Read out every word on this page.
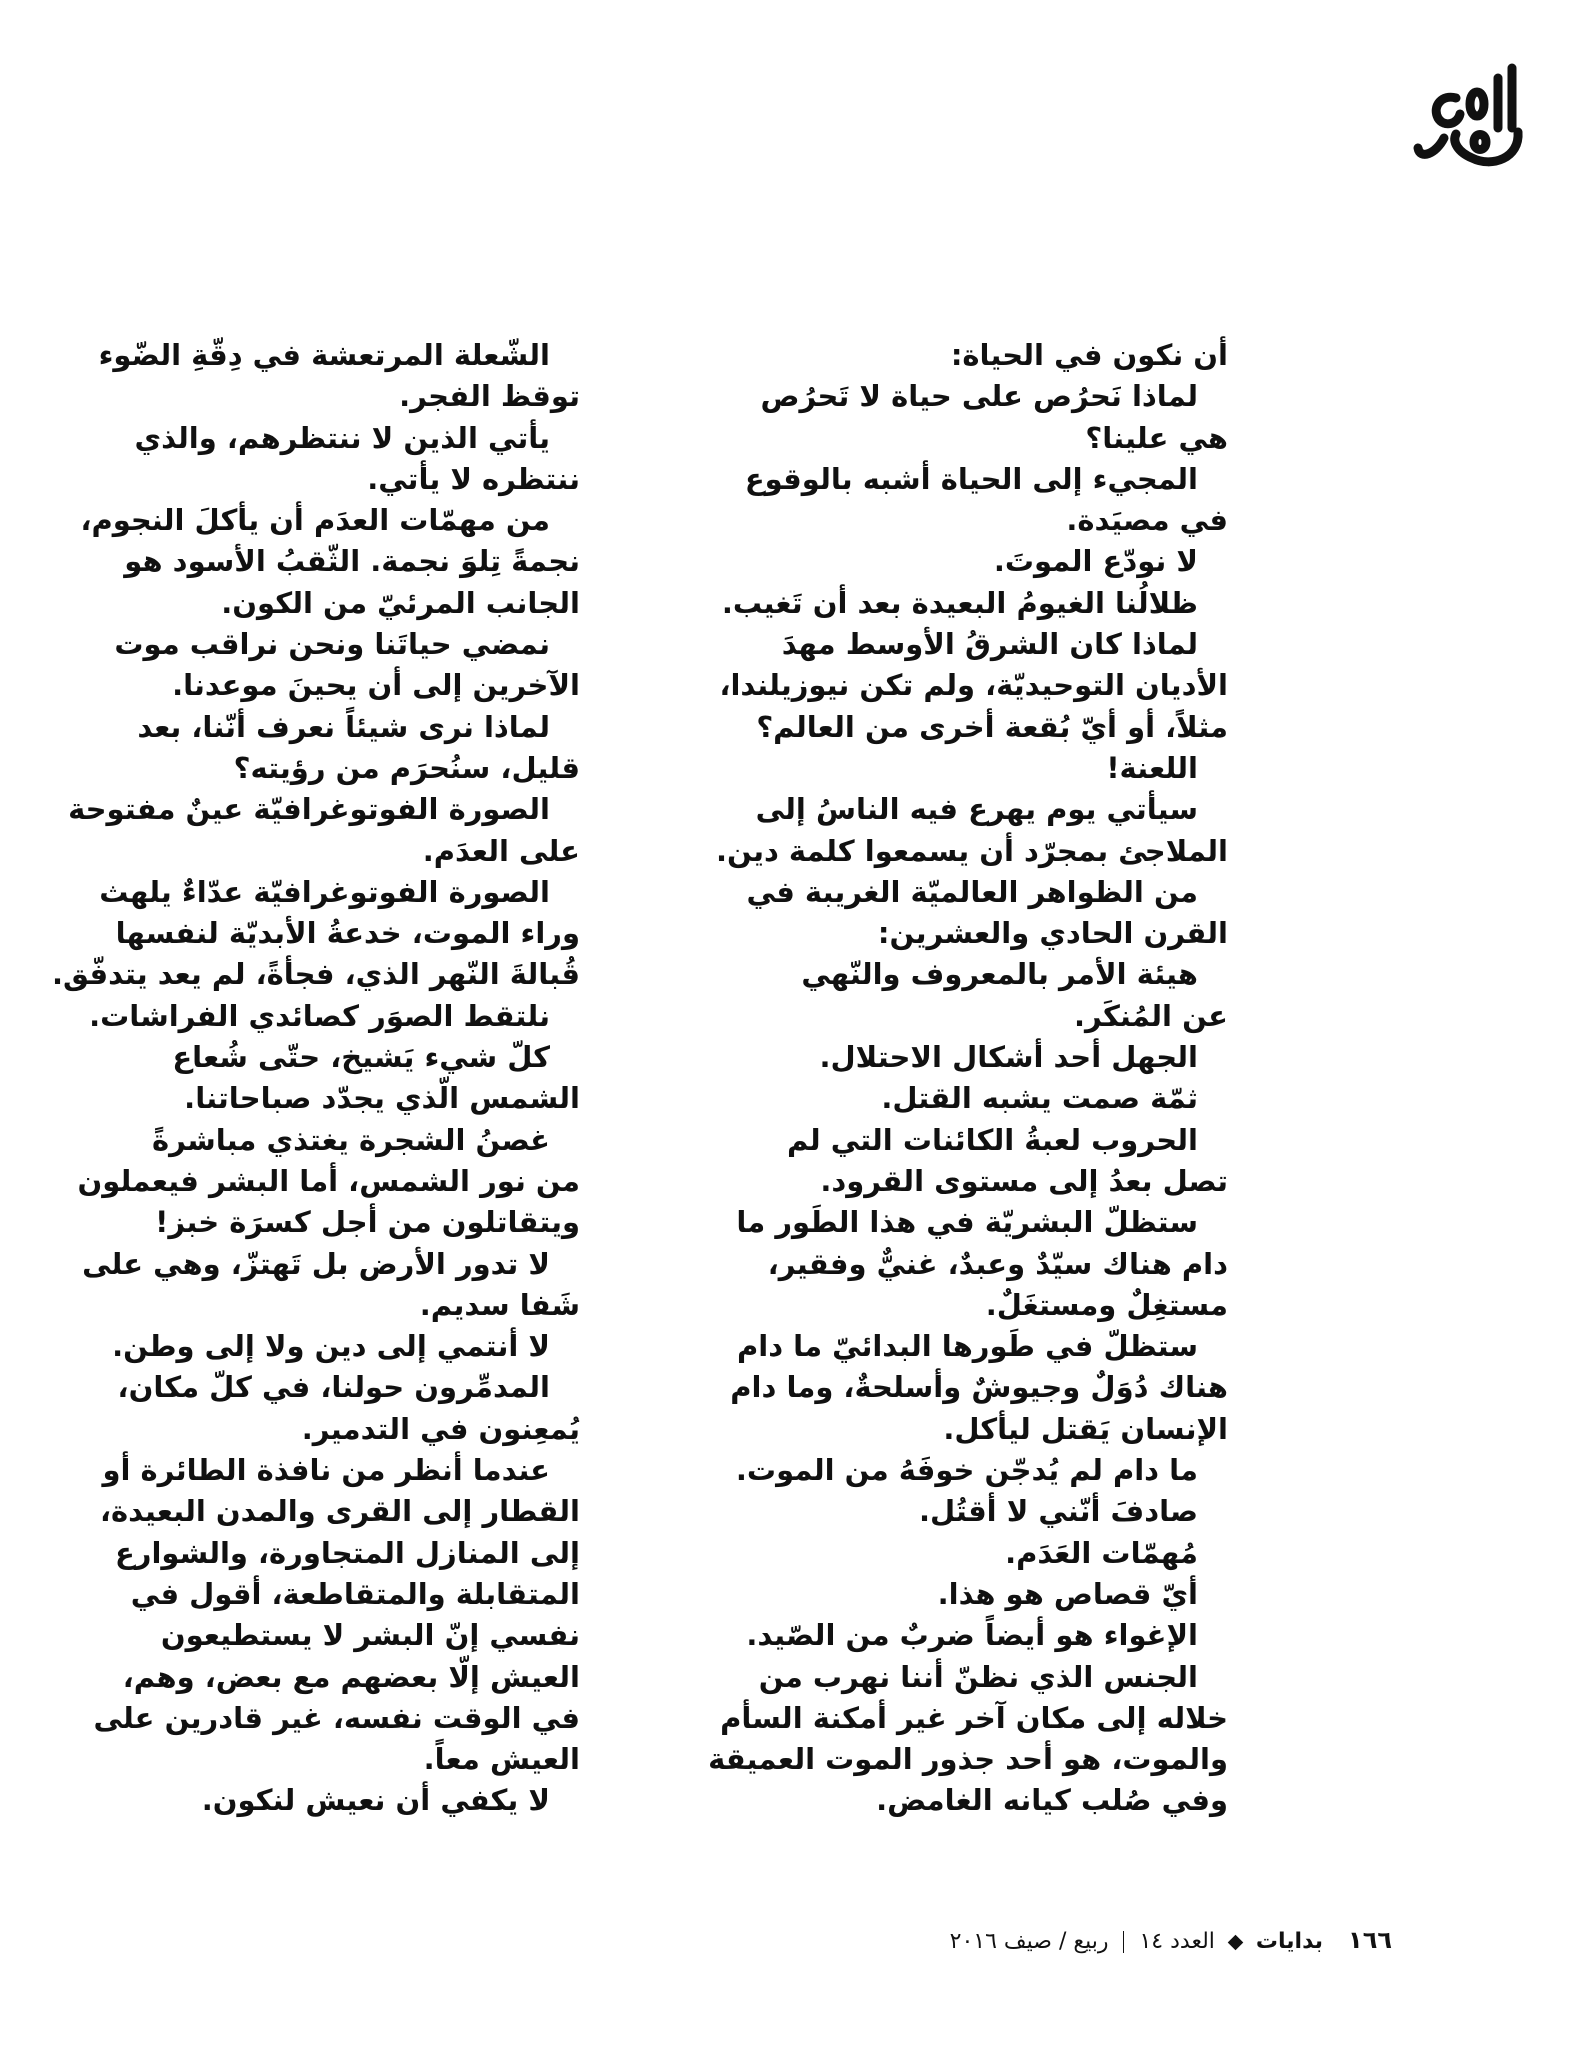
أن نكون في الحياة:
لماذا نَحرُص على حياة لا تَحرُص
هي علينا؟
المجيء إلى الحياة أشبه بالوقوع
في مصيَدة.
لا نودّع الموتَ.
ظلالُنا الغيومُ البعيدة بعد أن تَغيب.
لماذا كان الشرقُ الأوسط مهدَ
الأديان التوحيديّة، ولم تكن نيوزيلندا،
مثلاً، أو أيّ بُقعة أخرى من العالم؟
اللعنة!
سيأتي يوم يهرع فيه الناسُ إلى
الملاجئ بمجرّد أن يسمعوا كلمة دين.
من الظواهر العالميّة الغريبة في
القرن الحادي والعشرين:
هيئة الأمر بالمعروف والنّهي
عن المُنكَر.
الجهل أحد أشكال الاحتلال.
ثمّة صمت يشبه القتل.
الحروب لعبةُ الكائنات التي لم
تصل بعدُ إلى مستوى القرود.
ستظلّ البشريّة في هذا الطَور ما
دام هناك سيّدٌ وعبدٌ، غنيٌّ وفقير،
مستغِلٌ ومستغَلٌ.
ستظلّ في طَورها البدائيّ ما دام
هناك دُوَلٌ وجيوشٌ وأسلحةٌ، وما دام
الإنسان يَقتل ليأكل.
ما دام لم يُدجّن خوفَهُ من الموت.
صادفَ أنّني لا أقتُل.
مُهمّات العَدَم.
أيّ قصاص هو هذا.
الإغواء هو أيضاً ضربٌ من الصّيد.
الجنس الذي نظنّ أننا نهرب من
خلاله إلى مكان آخر غير أمكنة السأم
والموت، هو أحد جذور الموت العميقة
وفي صُلب كيانه الغامض.
الشّعلة المرتعشة في دِقّةِ الضّوء
توقظ الفجر.
يأتي الذين لا ننتظرهم، والذي
ننتظره لا يأتي.
من مهمّات العدَم أن يأكلَ النجوم،
نجمةً تِلوَ نجمة. الثّقبُ الأسود هو
الجانب المرئيّ من الكون.
نمضي حياتَنا ونحن نراقب موت
الآخرين إلى أن يحينَ موعدنا.
لماذا نرى شيئاً نعرف أنّنا، بعد
قليل، سنُحرَم من رؤيته؟
الصورة الفوتوغرافيّة عينٌ مفتوحة
على العدَم.
الصورة الفوتوغرافيّة عدّاءٌ يلهث
وراء الموت، خدعةُ الأبديّة لنفسها
قُبالةَ النّهر الذي، فجأةً، لم يعد يتدفّق.
نلتقط الصوَر كصائدي الفراشات.
كلّ شيء يَشيخ، حتّى شُعاع
الشمس الّذي يجدّد صباحاتنا.
غصنُ الشجرة يغتذي مباشرةً
من نور الشمس، أما البشر فيعملون
ويتقاتلون من أجل كسرَة خبز!
لا تدور الأرض بل تَهتزّ، وهي على
شَفا سديم.
لا أنتمي إلى دين ولا إلى وطن.
المدمِّرون حولنا، في كلّ مكان،
يُمعِنون في التدمير.
عندما أنظر من نافذة الطائرة أو
القطار إلى القرى والمدن البعيدة،
إلى المنازل المتجاورة، والشوارع
المتقابلة والمتقاطعة، أقول في
نفسي إنّ البشر لا يستطيعون
العيش إلّا بعضهم مع بعض، وهم،
في الوقت نفسه، غير قادرين على
العيش معاً.
لا يكفي أن نعيش لنكون.
١٦٦ بدايات  العدد ١٤  ربيع / صيف ٢٠١٦
